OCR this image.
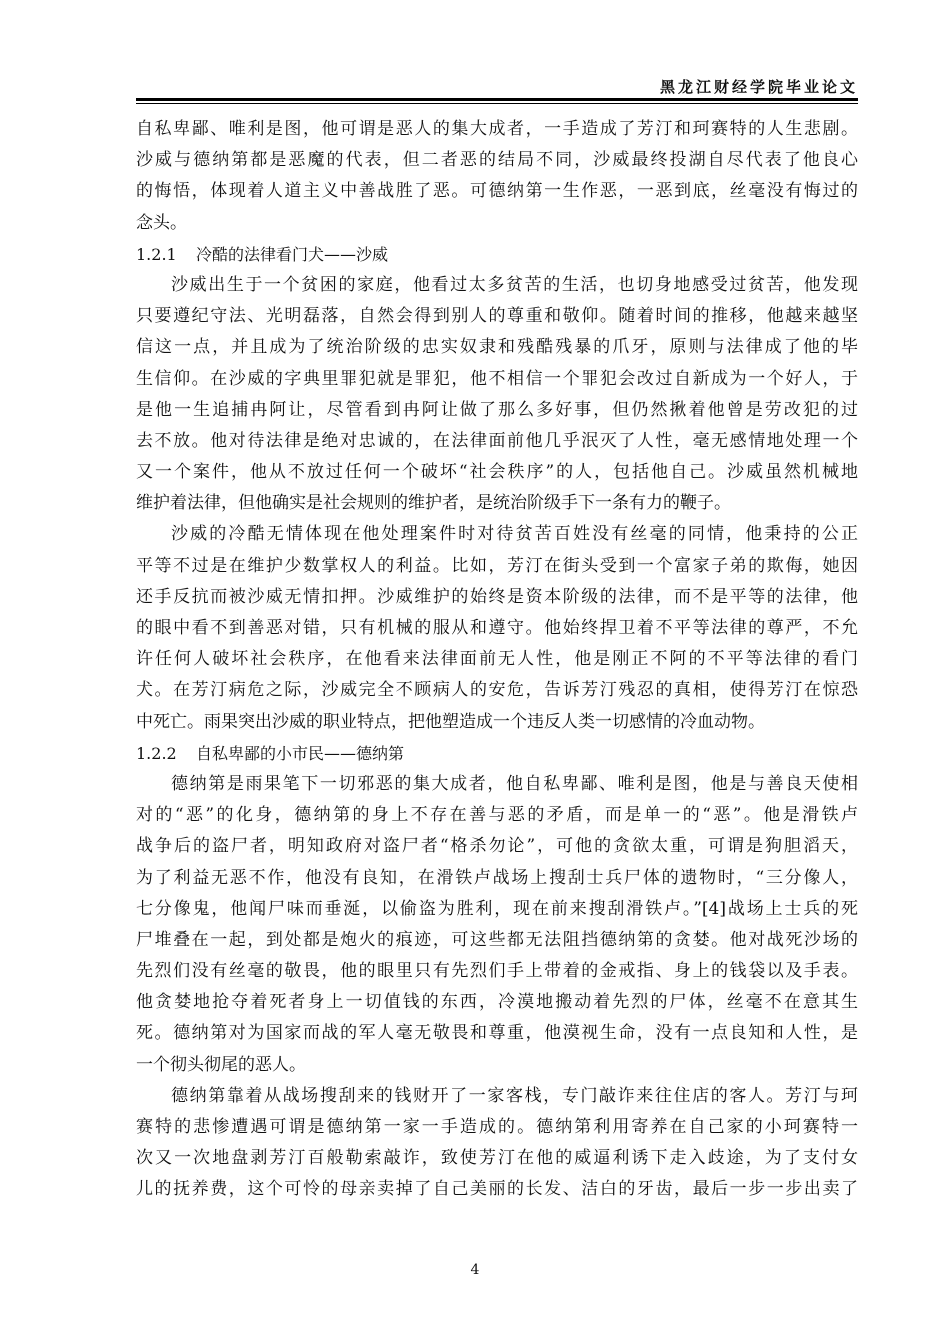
黑龙江财经学院毕业论文
自私卑鄙、唯利是图，他可谓是恶人的集大成者，一手造成了芳汀和珂赛特的人生悲剧。
沙威与德纳第都是恶魔的代表，但二者恶的结局不同，沙威最终投湖自尽代表了他良心
的悔悟，体现着人道主义中善战胜了恶。可德纳第一生作恶，一恶到底，丝毫没有悔过的
念头。
1.2.1 冷酷的法律看门犬——沙威
沙威出生于一个贫困的家庭，他看过太多贫苦的生活，也切身地感受过贫苦，他发现
只要遵纪守法、光明磊落，自然会得到别人的尊重和敬仰。随着时间的推移，他越来越坚
信这一点，并且成为了统治阶级的忠实奴隶和残酷残暴的爪牙，原则与法律成了他的毕
生信仰。在沙威的字典里罪犯就是罪犯，他不相信一个罪犯会改过自新成为一个好人，于
是他一生追捕冉阿让，尽管看到冉阿让做了那么多好事，但仍然揪着他曾是劳改犯的过
去不放。他对待法律是绝对忠诚的，在法律面前他几乎泯灭了人性，毫无感情地处理一个
又一个案件，他从不放过任何一个破坏“社会秩序”的人，包括他自己。沙威虽然机械地
维护着法律，但他确实是社会规则的维护者，是统治阶级手下一条有力的鞭子。
沙威的冷酷无情体现在他处理案件时对待贫苦百姓没有丝毫的同情，他秉持的公正
平等不过是在维护少数掌权人的利益。比如，芳汀在街头受到一个富家子弟的欺侮，她因
还手反抗而被沙威无情扣押。沙威维护的始终是资本阶级的法律，而不是平等的法律，他
的眼中看不到善恶对错，只有机械的服从和遵守。他始终捍卫着不平等法律的尊严，不允
许任何人破坏社会秩序，在他看来法律面前无人性，他是刚正不阿的不平等法律的看门
犬。在芳汀病危之际，沙威完全不顾病人的安危，告诉芳汀残忍的真相，使得芳汀在惊恐
中死亡。雨果突出沙威的职业特点，把他塑造成一个违反人类一切感情的冷血动物。
1.2.2 自私卑鄙的小市民——德纳第
德纳第是雨果笔下一切邪恶的集大成者，他自私卑鄙、唯利是图，他是与善良天使相
对的“恶”的化身，德纳第的身上不存在善与恶的矛盾，而是单一的“恶”。他是滑铁卢
战争后的盗尸者，明知政府对盗尸者“格杀勿论”，可他的贪欲太重，可谓是狗胆滔天，
为了利益无恶不作，他没有良知，在滑铁卢战场上搜刮士兵尸体的遗物时，“三分像人，
七分像鬼，他闻尸味而垂涎，以偷盗为胜利，现在前来搜刮滑铁卢。”[4]战场上士兵的死
尸堆叠在一起，到处都是炮火的痕迹，可这些都无法阻挡德纳第的贪婪。他对战死沙场的
先烈们没有丝毫的敬畏，他的眼里只有先烈们手上带着的金戒指、身上的钱袋以及手表。
他贪婪地抢夺着死者身上一切值钱的东西，冷漠地搬动着先烈的尸体，丝毫不在意其生
死。德纳第对为国家而战的军人毫无敬畏和尊重，他漠视生命，没有一点良知和人性，是
一个彻头彻尾的恶人。
德纳第靠着从战场搜刮来的钱财开了一家客栈，专门敲诈来往住店的客人。芳汀与珂
赛特的悲惨遭遇可谓是德纳第一家一手造成的。德纳第利用寄养在自己家的小珂赛特一
次又一次地盘剥芳汀百般勒索敲诈，致使芳汀在他的威逼利诱下走入歧途，为了支付女
儿的抚养费，这个可怜的母亲卖掉了自己美丽的长发、洁白的牙齿，最后一步一步出卖了
4
